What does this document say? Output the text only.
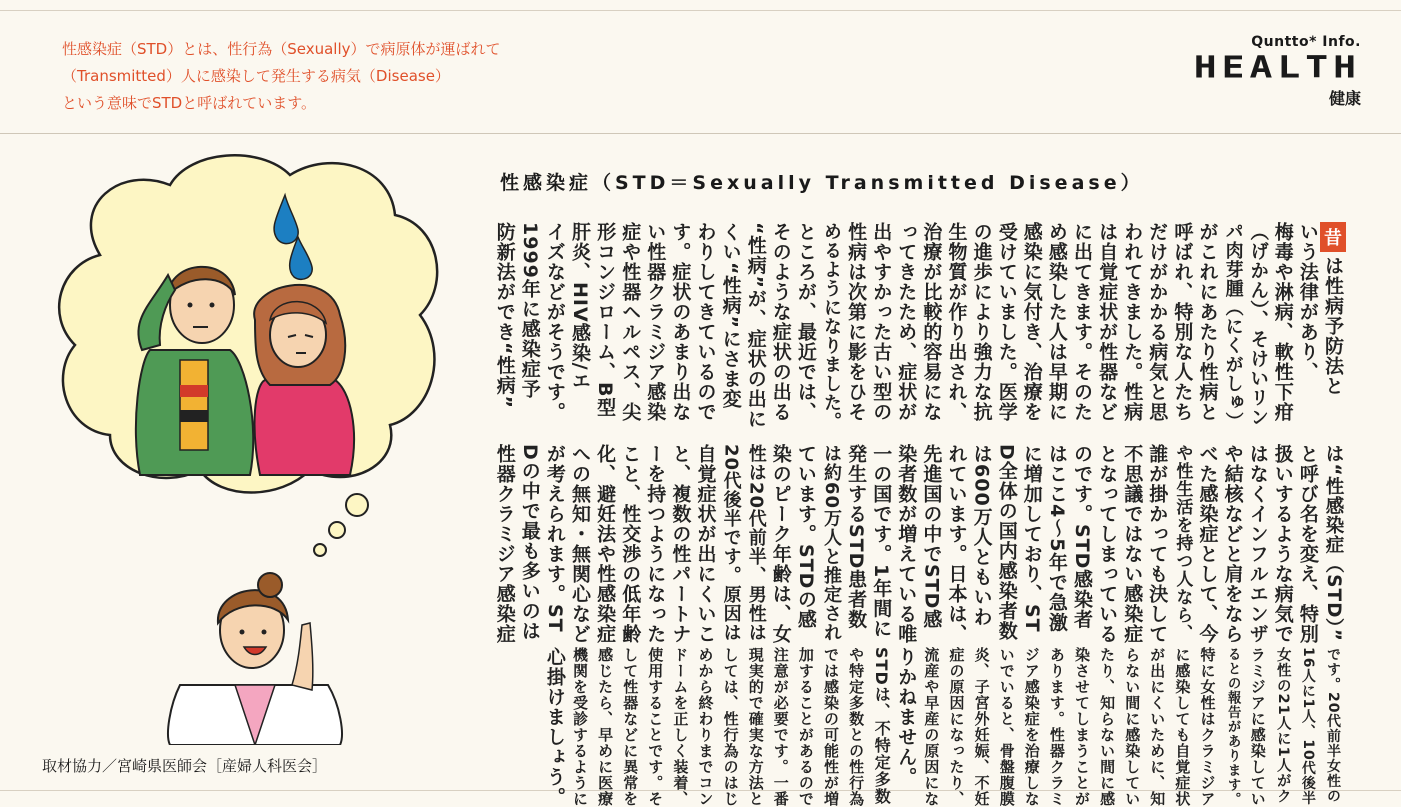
性感染症（STD）とは、性行為（Sexually）で病原体が運ばれて
（Transmitted）人に感染して発生する病気（Disease）
という意味でSTDと呼ばれています。
Quntto* Info.
HEALTH
健康
取材協力／宮崎県医師会［産婦人科医会］
性感染症（STD＝Sexually Transmitted Disease）
昔
は性病予防法と
いう法律があり、
梅毒や淋病、軟性下疳
（げかん）、そけいリン
パ肉芽腫（にくがしゅ）
がこれにあたり性病と
呼ばれ、特別な人たち
だけがかかる病気と思
われてきました。性病
は自覚症状が性器など
に出てきます。そのた
め感染した人は早期に
感染に気付き、治療を
受けていました。医学
の進歩により強力な抗
生物質が作り出され、
治療が比較的容易にな
ってきたため、症状が
出やすかった古い型の
性病は次第に影をひそ
めるようになりました。
ところが、最近では、
そのような症状の出る
“性病”が、症状の出に
くい“性病”にさま変
わりしてきているので
す。症状のあまり出な
い性器クラミジア感染
症や性器ヘルペス、尖
形コンジローム、B型
肝炎、HIV感染/エ
イズなどがそうです。
1999年に感染症予
防新法ができ“性病”
は“性感染症（STD）”
と呼び名を変え、特別
扱いするような病気で
はなくインフルエンザ
や結核などと肩をなら
べた感染症として、今
や性生活を持つ人なら、
誰が掛かっても決して
不思議ではない感染症
となってしまっている
のです。STD感染者
はここ4～5年で急激
に増加しており、ST
D全体の国内感染者数
は600万人ともいわ
れています。日本は、
先進国の中でSTD感
染者数が増えている唯
一の国です。1年間に
発生するSTD患者数
は約60万人と推定され
ています。STDの感
染のピーク年齢は、女
性は20代前半、男性は
20代後半です。原因は
自覚症状が出にくいこ
と、複数の性パートナ
ーを持つようになった
こと、性交渉の低年齢
化、避妊法や性感染症
への無知・無関心など
が考えられます。ST
Dの中で最も多いのは
性器クラミジア感染症
です。20代前半女性の
16人に1人、10代後半
女性の21人に1人がク
ラミジアに感染してい
るとの報告があります。
特に女性はクラミジア
に感染しても自覚症状
が出にくいために、知
らない間に感染してい
たり、知らない間に感
染させてしまうことが
あります。性器クラミ
ジア感染症を治療しな
いでいると、骨盤腹膜
炎、子宮外妊娠、不妊
症の原因になったり、
流産や早産の原因にな
りかねません。
STDは、不特定多数
や特定多数との性行為
では感染の可能性が増
加することがあるので
注意が必要です。一番
現実的で確実な方法と
しては、性行為のはじ
めから終わりまでコン
ドームを正しく装着、
使用することです。そ
して性器などに異常を
感じたら、早めに医療
機関を受診するように
心掛けましょう。
